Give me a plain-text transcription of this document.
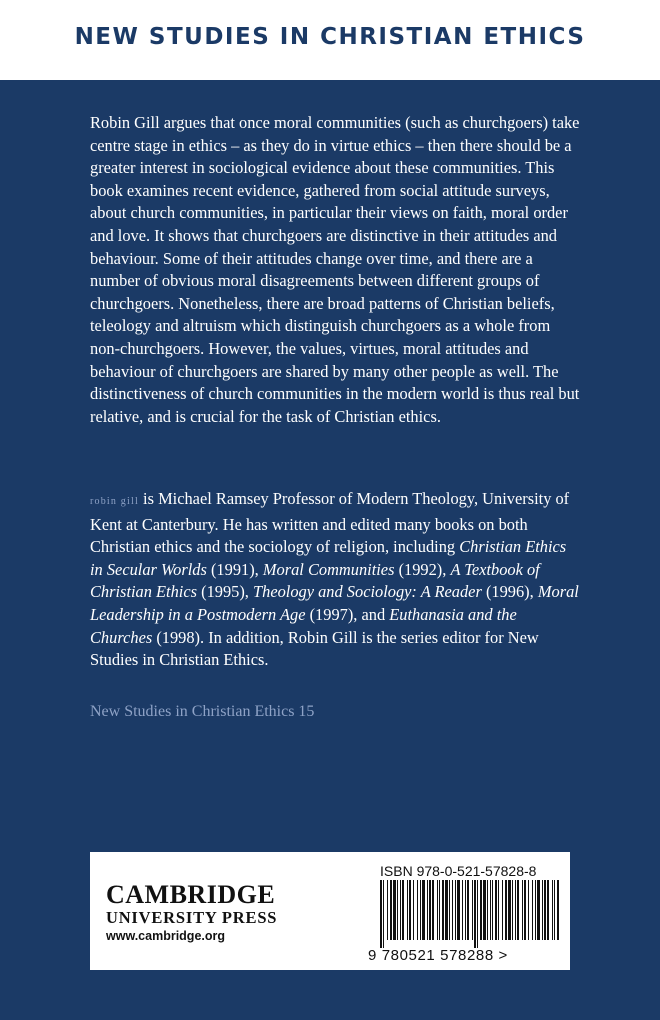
NEW STUDIES IN CHRISTIAN ETHICS

Robin Gill argues that once moral communities (such as churchgoers) take centre stage in ethics – as they do in virtue ethics – then there should be a greater interest in sociological evidence about these communities. This book examines recent evidence, gathered from social attitude surveys, about church communities, in particular their views on faith, moral order and love. It shows that churchgoers are distinctive in their attitudes and behaviour. Some of their attitudes change over time, and there are a number of obvious moral disagreements between different groups of churchgoers. Nonetheless, there are broad patterns of Christian beliefs, teleology and altruism which distinguish churchgoers as a whole from non-churchgoers. However, the values, virtues, moral attitudes and behaviour of churchgoers are shared by many other people as well. The distinctiveness of church communities in the modern world is thus real but relative, and is crucial for the task of Christian ethics.

robin gill is Michael Ramsey Professor of Modern Theology, University of Kent at Canterbury. He has written and edited many books on both Christian ethics and the sociology of religion, including Christian Ethics in Secular Worlds (1991), Moral Communities (1992), A Textbook of Christian Ethics (1995), Theology and Sociology: A Reader (1996), Moral Leadership in a Postmodern Age (1997), and Euthanasia and the Churches (1998). In addition, Robin Gill is the series editor for New Studies in Christian Ethics.

New Studies in Christian Ethics 15
CAMBRIDGE
UNIVERSITY PRESS
www.cambridge.org
ISBN 978-0-521-57828-8
9 780521 578288 >
